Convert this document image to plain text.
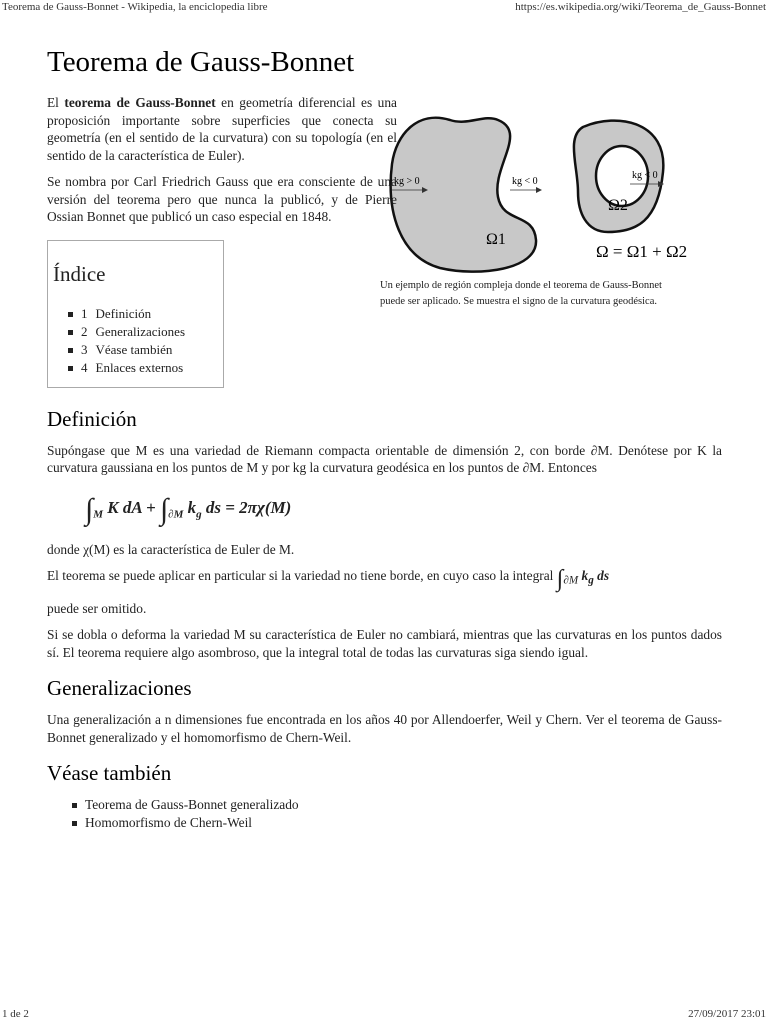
Teorema de Gauss-Bonnet - Wikipedia, la enciclopedia libre	https://es.wikipedia.org/wiki/Teorema_de_Gauss-Bonnet
kg > 0	kg < 0
kg < 0
Ω1
Ω2
Ω = Ω1 + Ω2
Un ejemplo de región compleja donde el teorema de Gauss-Bonnet puede ser aplicado. Se muestra el signo de la curvatura geodésica.
Teorema de Gauss-Bonnet

El teorema de Gauss-Bonnet en geometría diferencial es una proposición importante sobre superficies que conecta su geometría (en el sentido de la curvatura) con su topología (en el sentido de la característica de Euler).

Se nombra por Carl Friedrich Gauss que era consciente de una versión del teorema pero que nunca la publicó, y de Pierre Ossian Bonnet que publicó un caso especial en 1848.

Índice
1 Definición
2 Generalizaciones
3 Véase también
4 Enlaces externos
Definición

Supóngase que M es una variedad de Riemann compacta orientable de dimensión 2, con borde ∂M. Denótese por K la curvatura gaussiana en los puntos de M y por kg la curvatura geodésica en los puntos de ∂M. Entonces

$\int_M$ K dA + $\int_{\partial M}$ $k_g$ ds = 2πχ(M)

donde χ(M) es la característica de Euler de M.

El teorema se puede aplicar en particular si la variedad no tiene borde, en cuyo caso la integral $\int_{\partial M}$ $k_g$ ds

puede ser omitido.

Si se dobla o deforma la variedad M su característica de Euler no cambiará, mientras que las curvaturas en los puntos dados sí. El teorema requiere algo asombroso, que la integral total de todas las curvaturas siga siendo igual.

Generalizaciones

Una generalización a n dimensiones fue encontrada en los años 40 por Allendoerfer, Weil y Chern. Ver el teorema de Gauss-Bonnet generalizado y el homomorfismo de Chern-Weil.

Véase también
Teorema de Gauss-Bonnet generalizado
Homomorfismo de Chern-Weil
1 de 2	27/09/2017 23:01
